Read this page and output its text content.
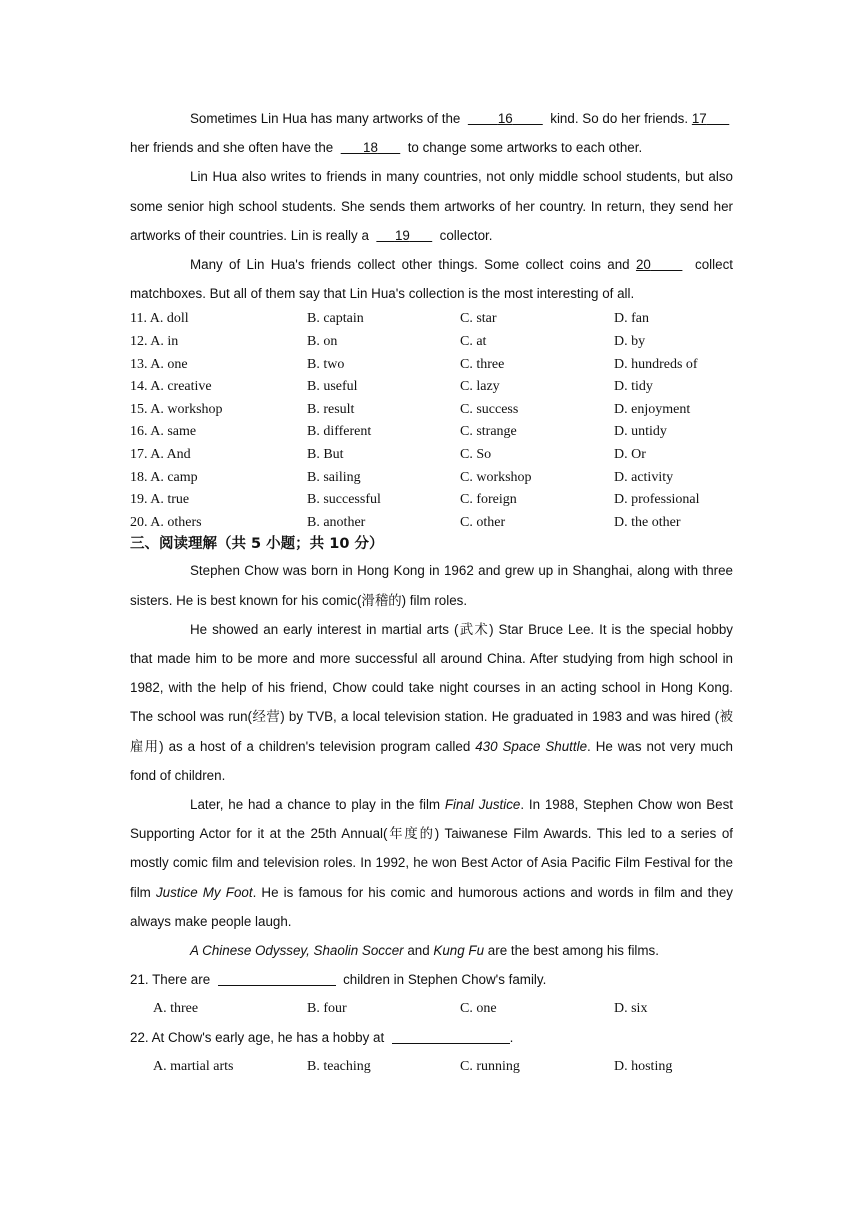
Sometimes Lin Hua has many artworks of the	16	kind. So do her friends. 17        her friends and she often have the 18 to change some artworks to each other.

Lin Hua also writes to friends in many countries, not only middle school students, but also some senior high school students. She sends them artworks of her country. In return, they send her artworks of their countries. Lin is really a 19 collector.

Many of Lin Hua's friends collect other things. Some collect coins and 20	collect matchboxes. But all of them say that Lin Hua's collection is the most interesting of all.

11. A. doll	B. captain	C. star	D. fan
12. A. in	B. on	C. at	D. by
13. A. one	B. two	C. three	D. hundreds of
14. A. creative	B. useful	C. lazy	D. tidy
15. A. workshop	B. result	C. success	D. enjoyment
16. A. same	B. different	C. strange	D. untidy
17. A. And	B. But	C. So	D. Or
18. A. camp	B. sailing	C. workshop	D. activity
19. A. true	B. successful	C. foreign	D. professional
20. A. others	B. another	C. other	D. the other

三、阅读理解（共 5 小题；共 10 分）

Stephen Chow was born in Hong Kong in 1962 and grew up in Shanghai, along with three sisters. He is best known for his comic(滑稽的) film roles.

He showed an early interest in martial arts (武术) Star Bruce Lee. It is the special hobby that made him to be more and more successful all around China. After studying from high school in 1982, with the help of his friend, Chow could take night courses in an acting school in Hong Kong. The school was run(经营) by TVB, a local television station. He graduated in 1983 and was hired (被雇用) as a host of a children's television program called 430 Space Shuttle. He was not very much fond of children.

Later, he had a chance to play in the film Final Justice. In 1988, Stephen Chow won Best Supporting Actor for it at the 25th Annual(年度的) Taiwanese Film Awards. This led to a series of mostly comic film and television roles. In 1992, he won Best Actor of Asia Pacific Film Festival for the film Justice My Foot. He is famous for his comic and humorous actions and words in film and they always make people laugh.

A Chinese Odyssey, Shaolin Soccer and Kung Fu are the best among his films.

21. There are	children in Stephen Chow's family.
A. three	B. four	C. one	D. six
22. At Chow's early age, he has a hobby at	.
A. martial arts	B. teaching	C. running	D. hosting
